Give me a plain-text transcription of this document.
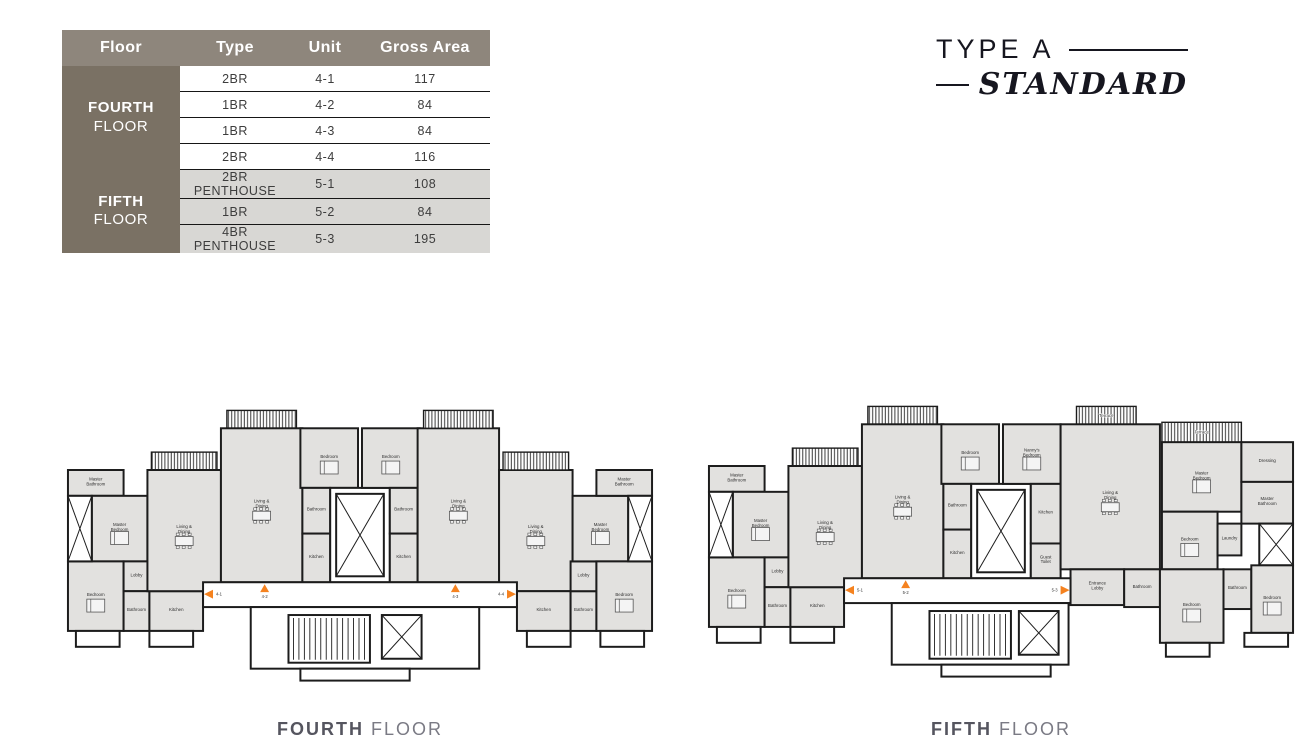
Floor	Type	Unit	Gross Area
FOURTH
FLOOR	2BR	4-1	117
	1BR	4-2	84
	1BR	4-3	84
	2BR	4-4	116
FIFTH
FLOOR	2BR PENTHOUSE	5-1	108
	1BR	5-2	84
	4BR PENTHOUSE	5-3	195
TYPE A
STANDARD
Master Bathroom
Master Bedroom
Bedroom
Lobby
Bathroom	Kitchen
Living & Dining
Living & Dining
Bedroom
Bathroom
Kitchen
Bedroom
Bathroom
Kitchen
Living & Dining
Living & Dining
Kitchen	Bathroom
Lobby
Master Bedroom
Master Bathroom
Bedroom
4-1	4-2	4-3	4-4
Master Bathroom
Master Bedroom
Bedroom
Lobby
Bathroom	Kitchen
Living & Dining
Living & Dining
Bedroom
Bathroom
Kitchen
Nanny's Bedroom
Kitchen
Guest Toilet
Terrace
Living & Dining
Terrace
Master Bedroom
Dressing
Master Bathroom
Bedroom	Laundry
Entrance Lobby	Bathroom
Bedroom
Bathroom
Bedroom
5-1	5-2	5-3
FOURTH FLOOR	FIFTH FLOOR
